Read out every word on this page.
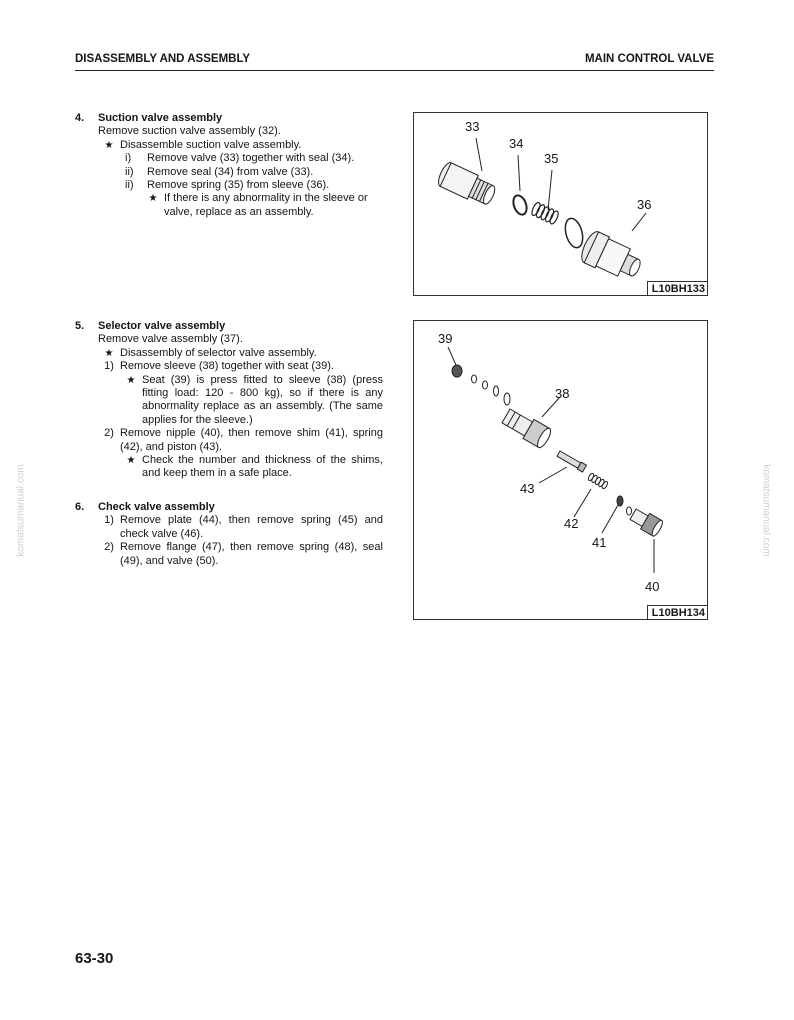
DISASSEMBLY AND ASSEMBLY	MAIN CONTROL VALVE
4. Suction valve assembly
Remove suction valve assembly (32).
★ Disassemble suction valve assembly.
i)	Remove valve (33) together with seal (34).
ii)	Remove seal (34) from valve (33).
ii)	Remove spring (35) from sleeve (36).
★ If there is any abnormality in the sleeve or valve, replace as an assembly.
5. Selector valve assembly
Remove valve assembly (37).
★ Disassembly of selector valve assembly.
1) Remove sleeve (38) together with seat (39).
★ Seat (39) is press fitted to sleeve (38) (press fitting load: 120 - 800 kg), so if there is any abnormality replace as an assembly. (The same applies for the sleeve.)
2) Remove nipple (40), then remove shim (41), spring (42), and piston (43).
★ Check the number and thickness of the shims, and keep them in a safe place.
6. Check valve assembly
1) Remove plate (44), then remove spring (45) and check valve (46).
2) Remove flange (47), then remove spring (48), seal (49), and valve (50).
33
34
35
36
L10BH133
39
38
43
42
41
40
L10BH134
komatsumanual.com	komatsumanual.com
63-30
